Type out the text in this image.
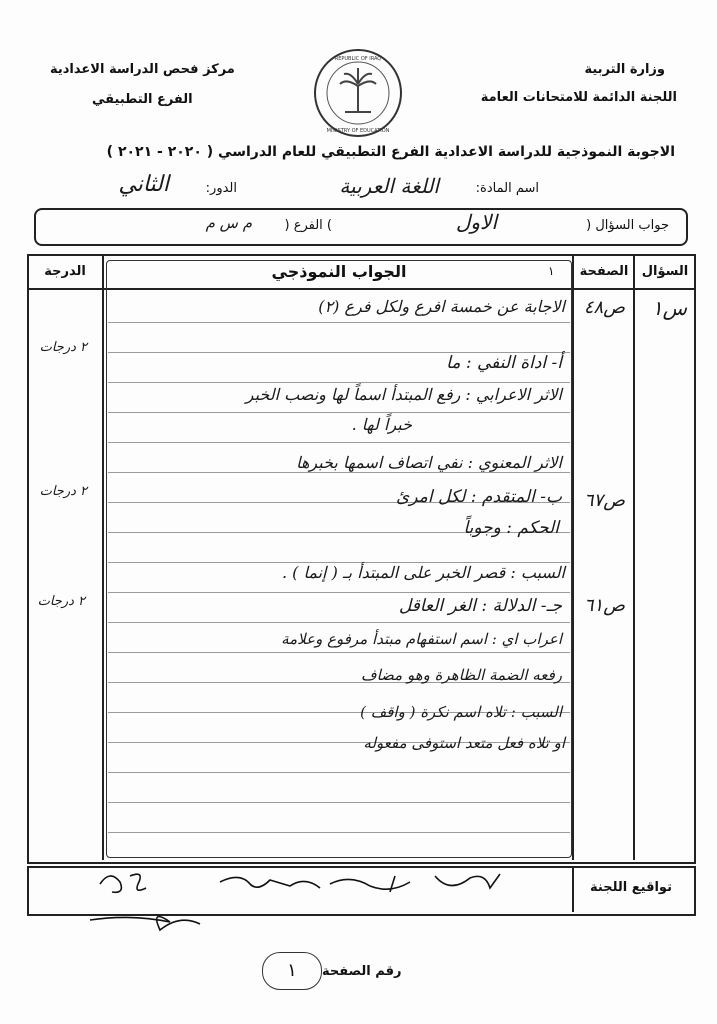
وزارة التربية
اللجنة الدائمة للامتحانات العامة
مركز فحص الدراسة الاعدادية
الفرع التطبيقي
REPUBLIC OF IRAQ
MINISTRY OF EDUCATION
الاجوبة النموذجية للدراسة الاعدادية الفرع التطبيقي للعام الدراسي ( ٢٠٢٠ - ٢٠٢١ )
اسم المادة:
اللغة العربية
الدور:
الثاني
جواب السؤال (
الاول
) الفرع (
م س م
السؤال
الصفحة
الجواب النموذجي	١
الدرجة
الاجابة عن خمسة افرع ولكل فرع (٢)
أ- اداة النفي : ما
الاثر الاعرابي : رفع المبتدأ اسماً لها ونصب الخبر
خبراً لها .
الاثر المعنوي : نفي اتصاف اسمها بخبرها
ب- المتقدم : لكل امرئ
الحكم : وجوباً
السبب : قصر الخبر على المبتدأ بـ ( إنما ) .
جـ- الدلالة : الغر العاقل
اعراب اي : اسم استفهام مبتدأ مرفوع وعلامة
رفعه الضمة الظاهرة وهو مضاف
السبب : تلاه اسم نكرة ( واقف )
او تلاه فعل متعد استوفى مفعوله
س١
ص٤٨
ص٦٧
ص٦١
٢ درجات
٢ درجات
٢ درجات
تواقيع اللجنة
رقم الصفحة
١
